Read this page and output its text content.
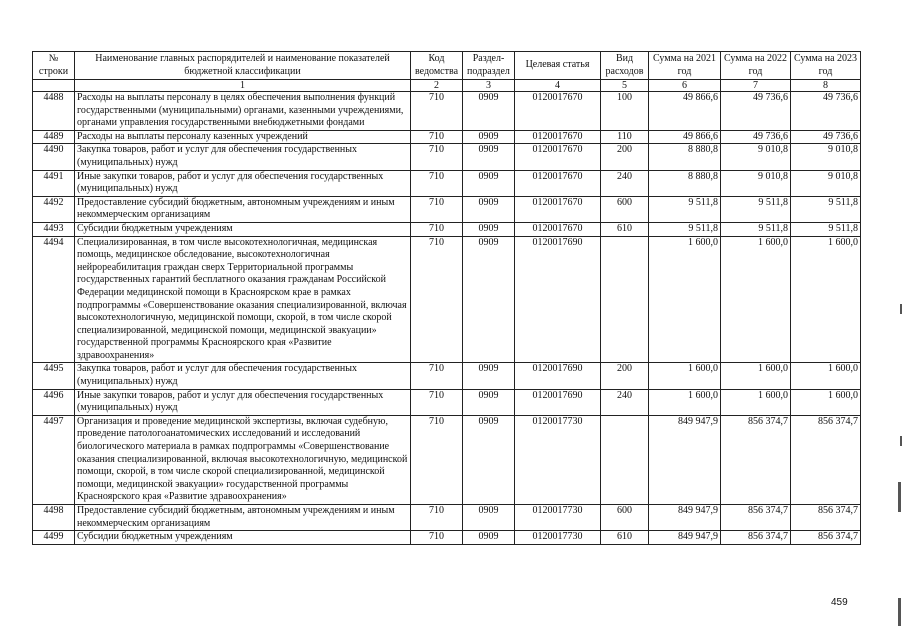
№ строки	Наименование главных распорядителей и наименование показателей бюджетной классификации	Код ведомства	Раздел-подраздел	Целевая статья	Вид расходов	Сумма на 2021 год	Сумма на 2022 год	Сумма на 2023 год
	1	2	3	4	5	6	7	8
4488	Расходы на выплаты персоналу в целях обеспечения выполнения функций государственными (муниципальными) органами, казенными учреждениями, органами управления государственными внебюджетными фондами	710	0909	0120017670	100	49 866,6	49 736,6	49 736,6
4489	Расходы на выплаты персоналу казенных учреждений	710	0909	0120017670	110	49 866,6	49 736,6	49 736,6
4490	Закупка товаров, работ и услуг для обеспечения государственных (муниципальных) нужд	710	0909	0120017670	200	8 880,8	9 010,8	9 010,8
4491	Иные закупки товаров, работ и услуг для обеспечения государственных (муниципальных) нужд	710	0909	0120017670	240	8 880,8	9 010,8	9 010,8
4492	Предоставление субсидий бюджетным, автономным учреждениям и иным некоммерческим организациям	710	0909	0120017670	600	9 511,8	9 511,8	9 511,8
4493	Субсидии бюджетным учреждениям	710	0909	0120017670	610	9 511,8	9 511,8	9 511,8
4494	Специализированная, в том числе высокотехнологичная, медицинская помощь, медицинское обследование, высокотехнологичная нейрореабилитация граждан сверх Территориальной программы государственных гарантий бесплатного оказания гражданам Российской Федерации медицинской помощи в Красноярском крае в рамках подпрограммы «Совершенствование оказания специализированной, включая высокотехнологичную, медицинской помощи, скорой, в том числе скорой специализированной, медицинской помощи, медицинской эвакуации» государственной программы Красноярского края «Развитие здравоохранения»	710	0909	0120017690		1 600,0	1 600,0	1 600,0
4495	Закупка товаров, работ и услуг для обеспечения государственных (муниципальных) нужд	710	0909	0120017690	200	1 600,0	1 600,0	1 600,0
4496	Иные закупки товаров, работ и услуг для обеспечения государственных (муниципальных) нужд	710	0909	0120017690	240	1 600,0	1 600,0	1 600,0
4497	Организация и проведение медицинской экспертизы, включая судебную, проведение патологоанатомических исследований и исследований биологического материала в рамках подпрограммы «Совершенствование оказания специализированной, включая высокотехнологичную, медицинской помощи, скорой, в том числе скорой специализированной, медицинской помощи, медицинской эвакуации» государственной программы Красноярского края «Развитие здравоохранения»	710	0909	0120017730		849 947,9	856 374,7	856 374,7
4498	Предоставление субсидий бюджетным, автономным учреждениям и иным некоммерческим организациям	710	0909	0120017730	600	849 947,9	856 374,7	856 374,7
4499	Субсидии бюджетным учреждениям	710	0909	0120017730	610	849 947,9	856 374,7	856 374,7
459
